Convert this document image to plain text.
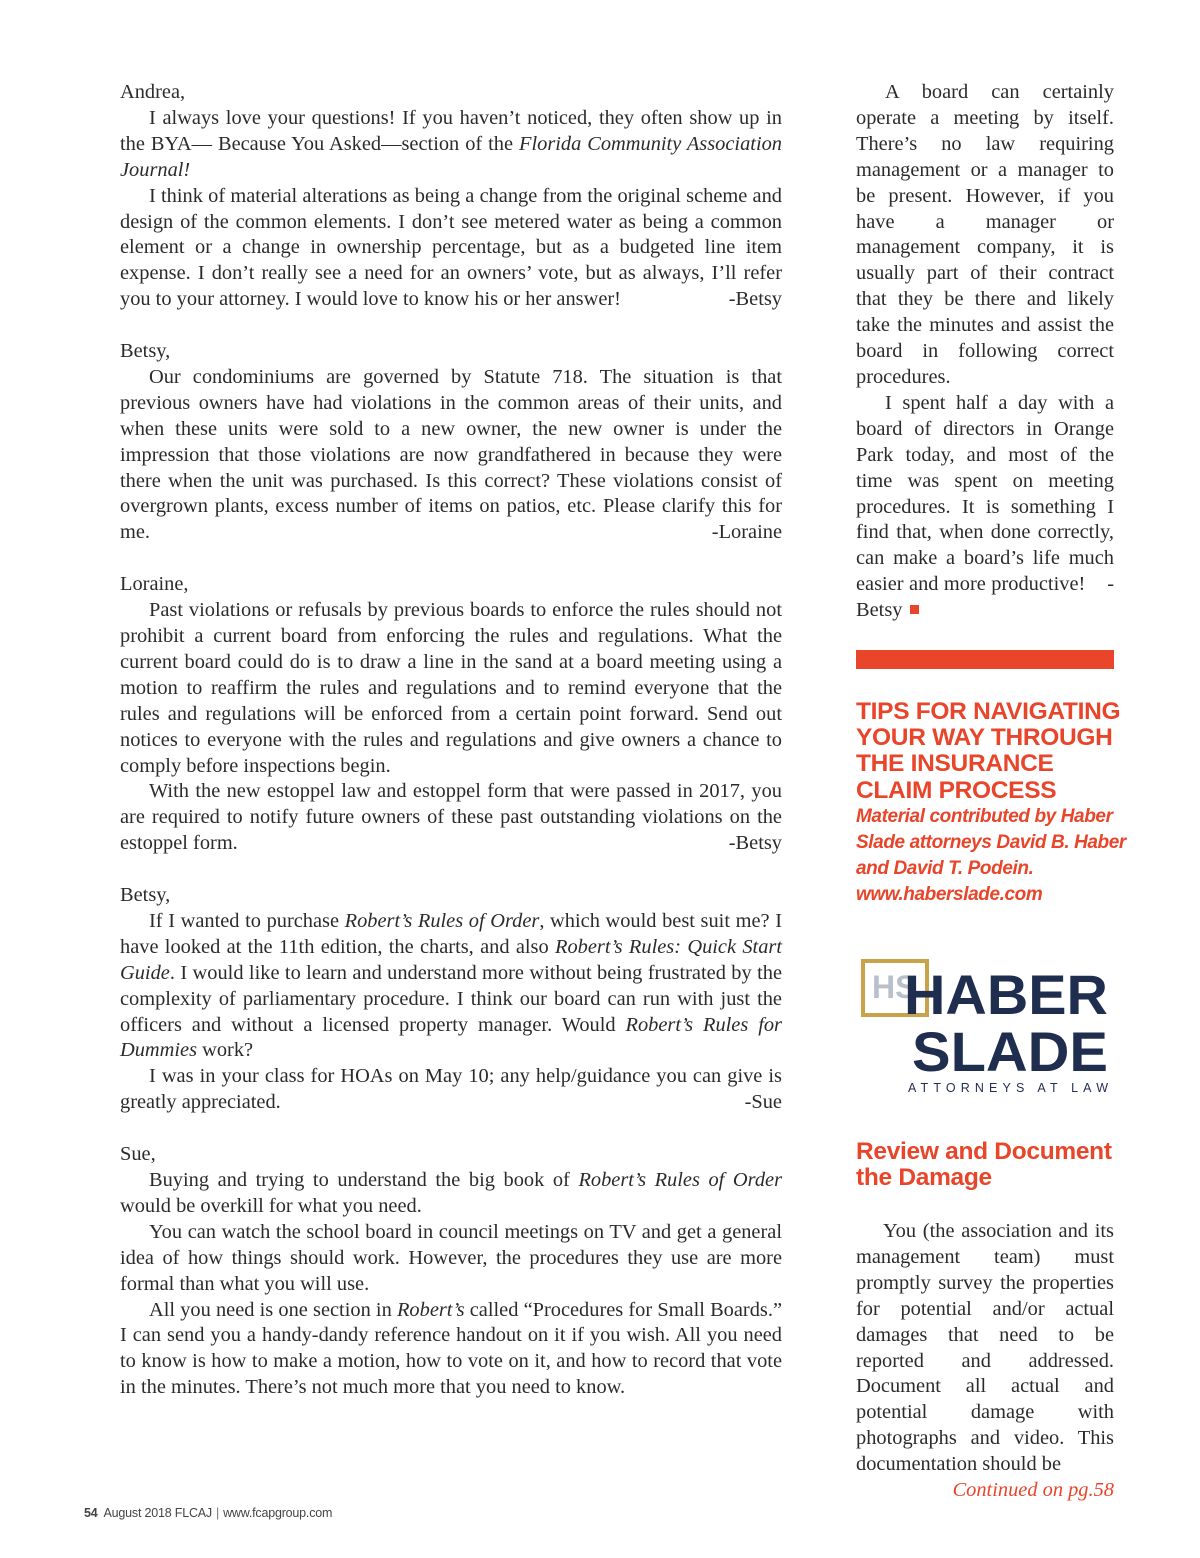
Andrea,

I always love your questions! If you haven’t noticed, they often show up in the BYA— Because You Asked—section of the Florida Community Association Journal!

I think of material alterations as being a change from the original scheme and design of the common elements. I don’t see metered water as being a common element or a change in ownership percentage, but as a budgeted line item expense. I don’t really see a need for an owners’ vote, but as always, I’ll refer you to your attorney. I would love to know his or her answer!	-Betsy

Betsy,

Our condominiums are governed by Statute 718. The situation is that previous owners have had violations in the common areas of their units, and when these units were sold to a new owner, the new owner is under the impression that those violations are now grandfathered in because they were there when the unit was purchased. Is this correct? These violations consist of overgrown plants, excess number of items on patios, etc. Please clarify this for me.	-Loraine

Loraine,

Past violations or refusals by previous boards to enforce the rules should not prohibit a current board from enforcing the rules and regulations. What the current board could do is to draw a line in the sand at a board meeting using a motion to reaffirm the rules and regulations and to remind everyone that the rules and regulations will be enforced from a certain point forward. Send out notices to everyone with the rules and regulations and give owners a chance to comply before inspections begin.

With the new estoppel law and estoppel form that were passed in 2017, you are required to notify future owners of these past outstanding violations on the estoppel form.	-Betsy

Betsy,

If I wanted to purchase Robert’s Rules of Order, which would best suit me? I have looked at the 11th edition, the charts, and also Robert’s Rules: Quick Start Guide. I would like to learn and understand more without being frustrated by the complexity of parliamentary procedure. I think our board can run with just the officers and without a licensed property manager. Would Robert’s Rules for Dummies work?

I was in your class for HOAs on May 10; any help/guidance you can give is greatly appreciated.	-Sue

Sue,

Buying and trying to understand the big book of Robert’s Rules of Order would be overkill for what you need.

You can watch the school board in council meetings on TV and get a general idea of how things should work. However, the procedures they use are more formal than what you will use.

All you need is one section in Robert’s called “Procedures for Small Boards.” I can send you a handy-dandy reference handout on it if you wish. All you need to know is how to make a motion, how to vote on it, and how to record that vote in the minutes. There’s not much more that you need to know.

A board can certainly operate a meeting by itself. There’s no law requiring management or a manager to be present. However, if you have a manager or management company, it is usually part of their contract that they be there and likely take the minutes and assist the board in following correct procedures.

I spent half a day with a board of directors in Orange Park today, and most of the time was spent on meeting procedures. It is something I find that, when done correctly, can make a board’s life much easier and more productive! -Betsy

TIPS FOR NAVIGATING YOUR WAY THROUGH THE INSURANCE CLAIM PROCESS

Material contributed by Haber Slade attorneys David B. Haber and David T. Podein.

www.haberslade.com

HS
HABER
SLADE
ATTORNEYS AT LAW

Review and Document the Damage

You (the association and its management team) must promptly survey the properties for potential and/or actual damages that need to be reported and addressed. Document all actual and potential damage with photographs and video. This documentation should be

Continued on pg.58
54 August 2018 FLCAJ | www.fcapgroup.com
